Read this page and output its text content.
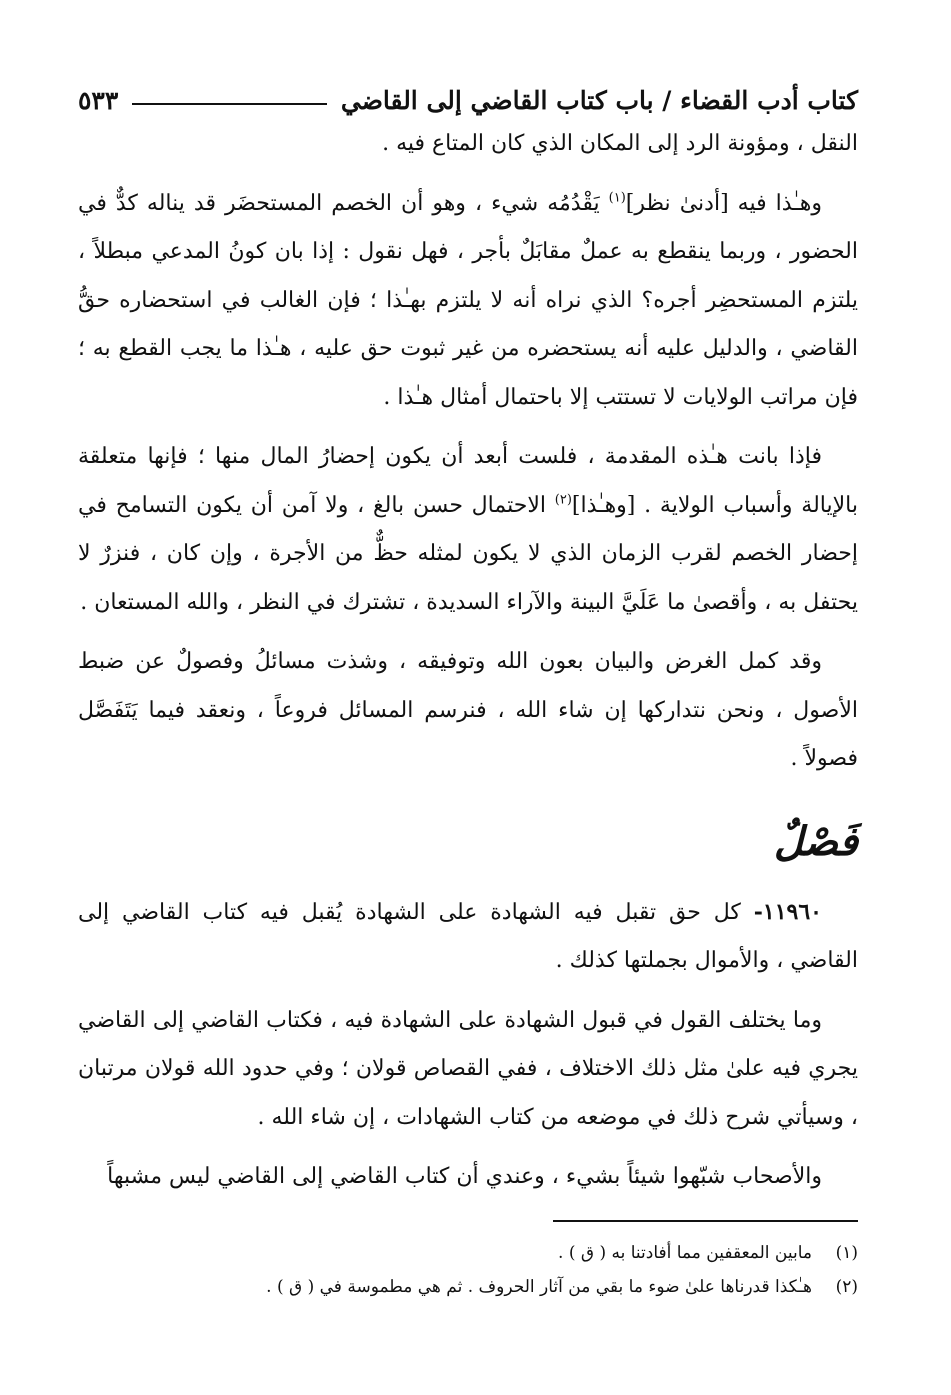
كتاب أدب القضاء / باب كتاب القاضي إلى القاضي
٥٣٣

النقل ، ومؤونة الرد إلى المكان الذي كان المتاع فيه .

وهـٰذا فيه [أدنىٰ نظر]$^{(١)}$ يَقْدُمُه شيء ، وهو أن الخصم المستحضَر قد يناله كدٌّ في الحضور ، وربما ينقطع به عملٌ مقابَلٌ بأجر ، فهل نقول : إذا بان كونُ المدعي مبطلاً ، يلتزم المستحضِر أجره؟ الذي نراه أنه لا يلتزم بهـٰذا ؛ فإن الغالب في استحضاره حقُّ القاضي ، والدليل عليه أنه يستحضره من غير ثبوت حق عليه ، هـٰذا ما يجب القطع به ؛ فإن مراتب الولايات لا تستتب إلا باحتمال أمثال هـٰذا .

فإذا بانت هـٰذه المقدمة ، فلست أبعد أن يكون إحضارُ المال منها ؛ فإنها متعلقة بالإيالة وأسباب الولاية . [وهـٰذا]$^{(٢)}$ الاحتمال حسن بالغ ، ولا آمن أن يكون التسامح في إحضار الخصم لقرب الزمان الذي لا يكون لمثله حظٌّ من الأجرة ، وإن كان ، فنزرٌ لا يحتفل به ، وأقصىٰ ما عَلَيَّ البينة والآراء السديدة ، تشترك في النظر ، والله المستعان .

وقد كمل الغرض والبيان بعون الله وتوفيقه ، وشذت مسائلُ وفصولٌ عن ضبط الأصول ، ونحن نتداركها إن شاء الله ، فنرسم المسائل فروعاً ، ونعقد فيما يَتَفَصَّل فصولاً .

فَصْلٌ

١١٩٦٠- كل حق تقبل فيه الشهادة على الشهادة يُقبل فيه كتاب القاضي إلى القاضي ، والأموال بجملتها كذلك .

وما يختلف القول في قبول الشهادة على الشهادة فيه ، فكتاب القاضي إلى القاضي يجري فيه علىٰ مثل ذلك الاختلاف ، ففي القصاص قولان ؛ وفي حدود الله قولان مرتبان ، وسيأتي شرح ذلك في موضعه من كتاب الشهادات ، إن شاء الله .

والأصحاب شبّهوا شيئاً بشيء ، وعندي أن كتاب القاضي إلى القاضي ليس مشبهاً

(١)
مابين المعقفين مما أفادتنا به ( ق ) .
(٢)
هـٰكذا قدرناها علىٰ ضوء ما بقي من آثار الحروف . ثم هي مطموسة في ( ق ) .
